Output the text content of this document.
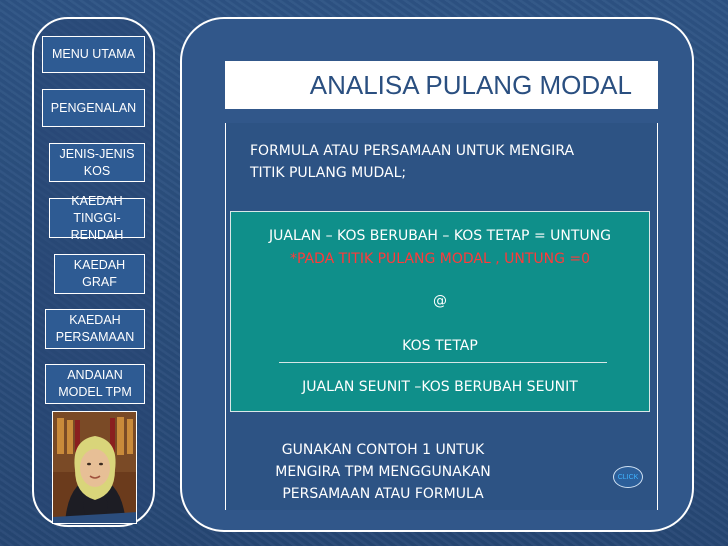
MENU UTAMA
PENGENALAN
JENIS-JENIS
KOS
KAEDAH
TINGGI-RENDAH
KAEDAH
GRAF
KAEDAH
PERSAMAAN
ANDAIAN
MODEL TPM
ANALISA PULANG MODAL
FORMULA ATAU PERSAMAAN UNTUK MENGIRA
TITIK PULANG MUDAL;
JUALAN – KOS BERUBAH – KOS TETAP = UNTUNG
*PADA TITIK PULANG MODAL , UNTUNG =0
@
KOS TETAP
JUALAN SEUNIT –KOS BERUBAH SEUNIT
GUNAKAN CONTOH 1 UNTUK
MENGIRA TPM MENGGUNAKAN
PERSAMAAN ATAU FORMULA
CLICK
